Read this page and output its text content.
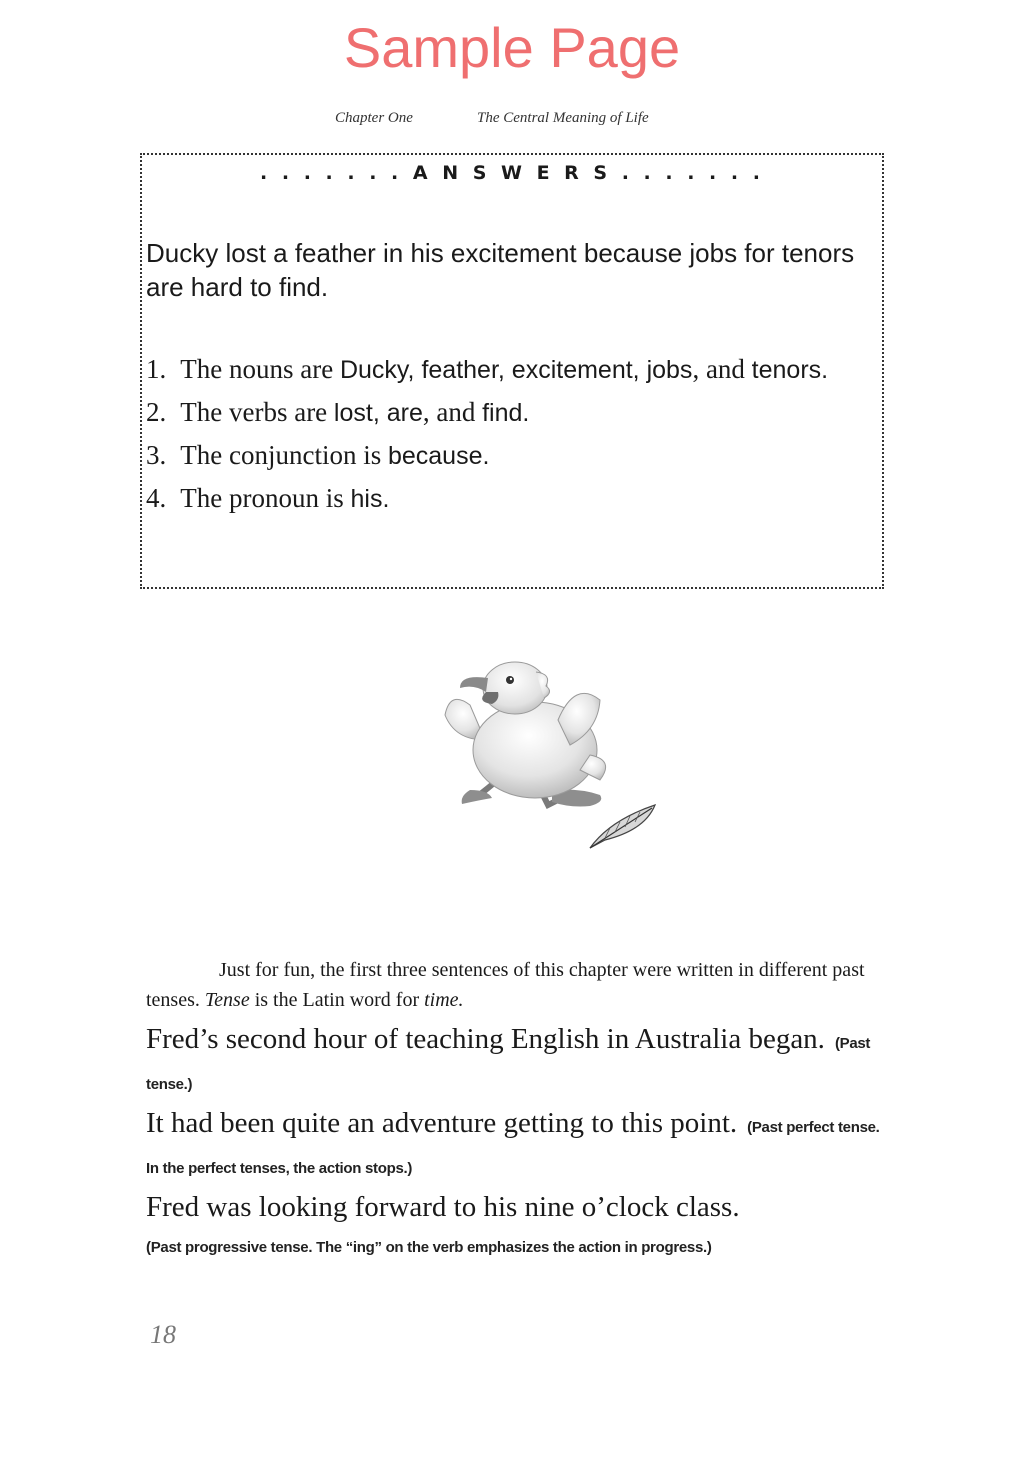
Sample Page
Chapter One	The Central Meaning of Life
. . . . . . . A N S W E R S . . . . . . .
Ducky lost a feather in his excitement because jobs for tenors are hard to find.
1. The nouns are Ducky, feather, excitement, jobs, and tenors.
2. The verbs are lost, are, and find.
3. The conjunction is because.
4. The pronoun is his.
Just for fun, the first three sentences of this chapter were written in different past tenses. Tense is the Latin word for time.
Fred’s second hour of teaching English in Australia began. (Past tense.)
It had been quite an adventure getting to this point. (Past perfect tense. In the perfect tenses, the action stops.)
Fred was looking forward to his nine o’clock class.
(Past progressive tense. The “ing” on the verb emphasizes the action in progress.)
18
